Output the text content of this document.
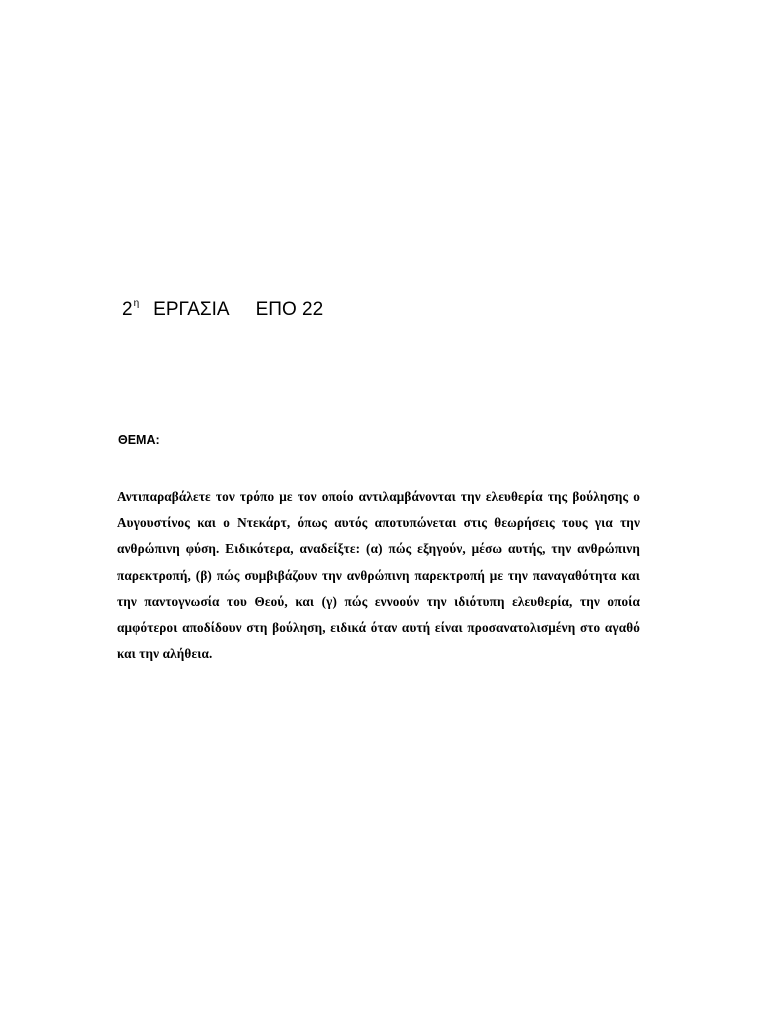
$2^\eta$ ΕΡΓΑΣΙΑ ΕΠΟ 22
ΘΕΜΑ:

Αντιπαραβάλετε τον τρόπο με τον οποίο αντιλαμβάνονται την ελευθερία της βούλησης ο Αυγουστίνος και ο Ντεκάρτ, όπως αυτός αποτυπώνεται στις θεωρήσεις τους για την ανθρώπινη φύση. Ειδικότερα, αναδείξτε: (α) πώς εξηγούν, μέσω αυτής, την ανθρώπινη παρεκτροπή, (β) πώς συμβιβάζουν την ανθρώπινη παρεκτροπή με την παναγαθότητα και την παντογνωσία του Θεού, και (γ) πώς εννοούν την ιδιότυπη ελευθερία, την οποία αμφότεροι αποδίδουν στη βούληση, ειδικά όταν αυτή είναι προσανατολισμένη στο αγαθό και την αλήθεια.
